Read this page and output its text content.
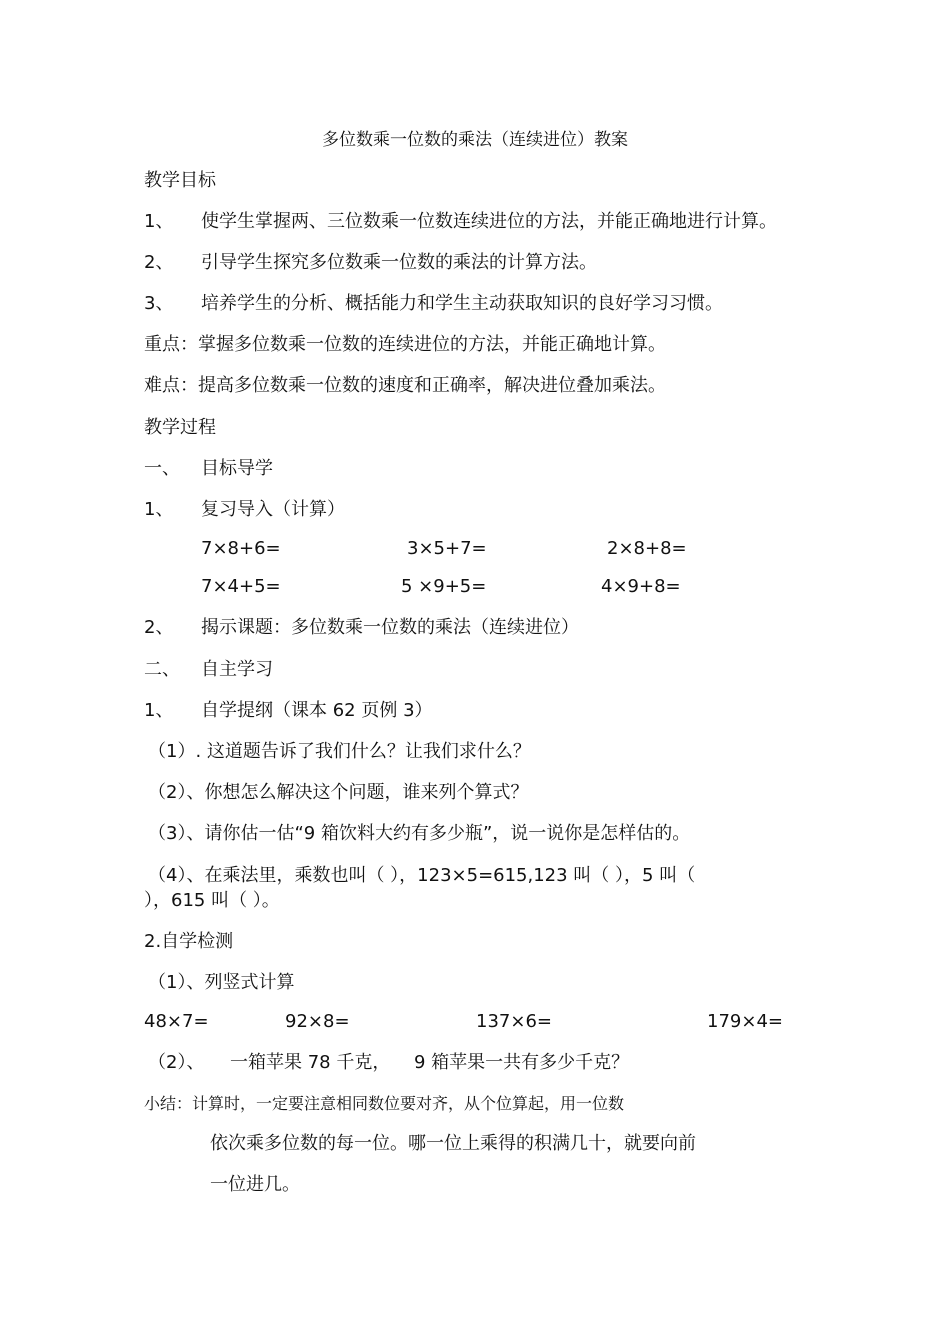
多位数乘一位数的乘法（连续进位）教案
教学目标
1、 使学生掌握两、三位数乘一位数连续进位的方法，并能正确地进行计算。
2、 引导学生探究多位数乘一位数的乘法的计算方法。
3、 培养学生的分析、概括能力和学生主动获取知识的良好学习习惯。
重点：掌握多位数乘一位数的连续进位的方法，并能正确地计算。
难点：提高多位数乘一位数的速度和正确率，解决进位叠加乘法。
教学过程
一、 目标导学
1、 复习导入（计算）
7×8+6=	3×5+7=	2×8+8=
7×4+5=	5 ×9+5=	4×9+8=
2、 揭示课题：多位数乘一位数的乘法（连续进位）
二、 自主学习
1、 自学提纲（课本 62 页例 3）
（1）. 这道题告诉了我们什么？让我们求什么？
（2）、你想怎么解决这个问题，谁来列个算式？
（3）、请你估一估“9 箱饮料大约有多少瓶”，说一说你是怎样估的。
（4）、在乘法里，乘数也叫（ ），123×5=615,123 叫（ ），5 叫（
），615 叫（ ）。
2.自学检测
（1）、列竖式计算
48×7=	92×8=	137×6=	179×4=
（2）、 一箱苹果 78 千克， 9 箱苹果一共有多少千克？
小结：计算时，一定要注意相同数位要对齐，从个位算起，用一位数
依次乘多位数的每一位。哪一位上乘得的积满几十，就要向前
一位进几。
